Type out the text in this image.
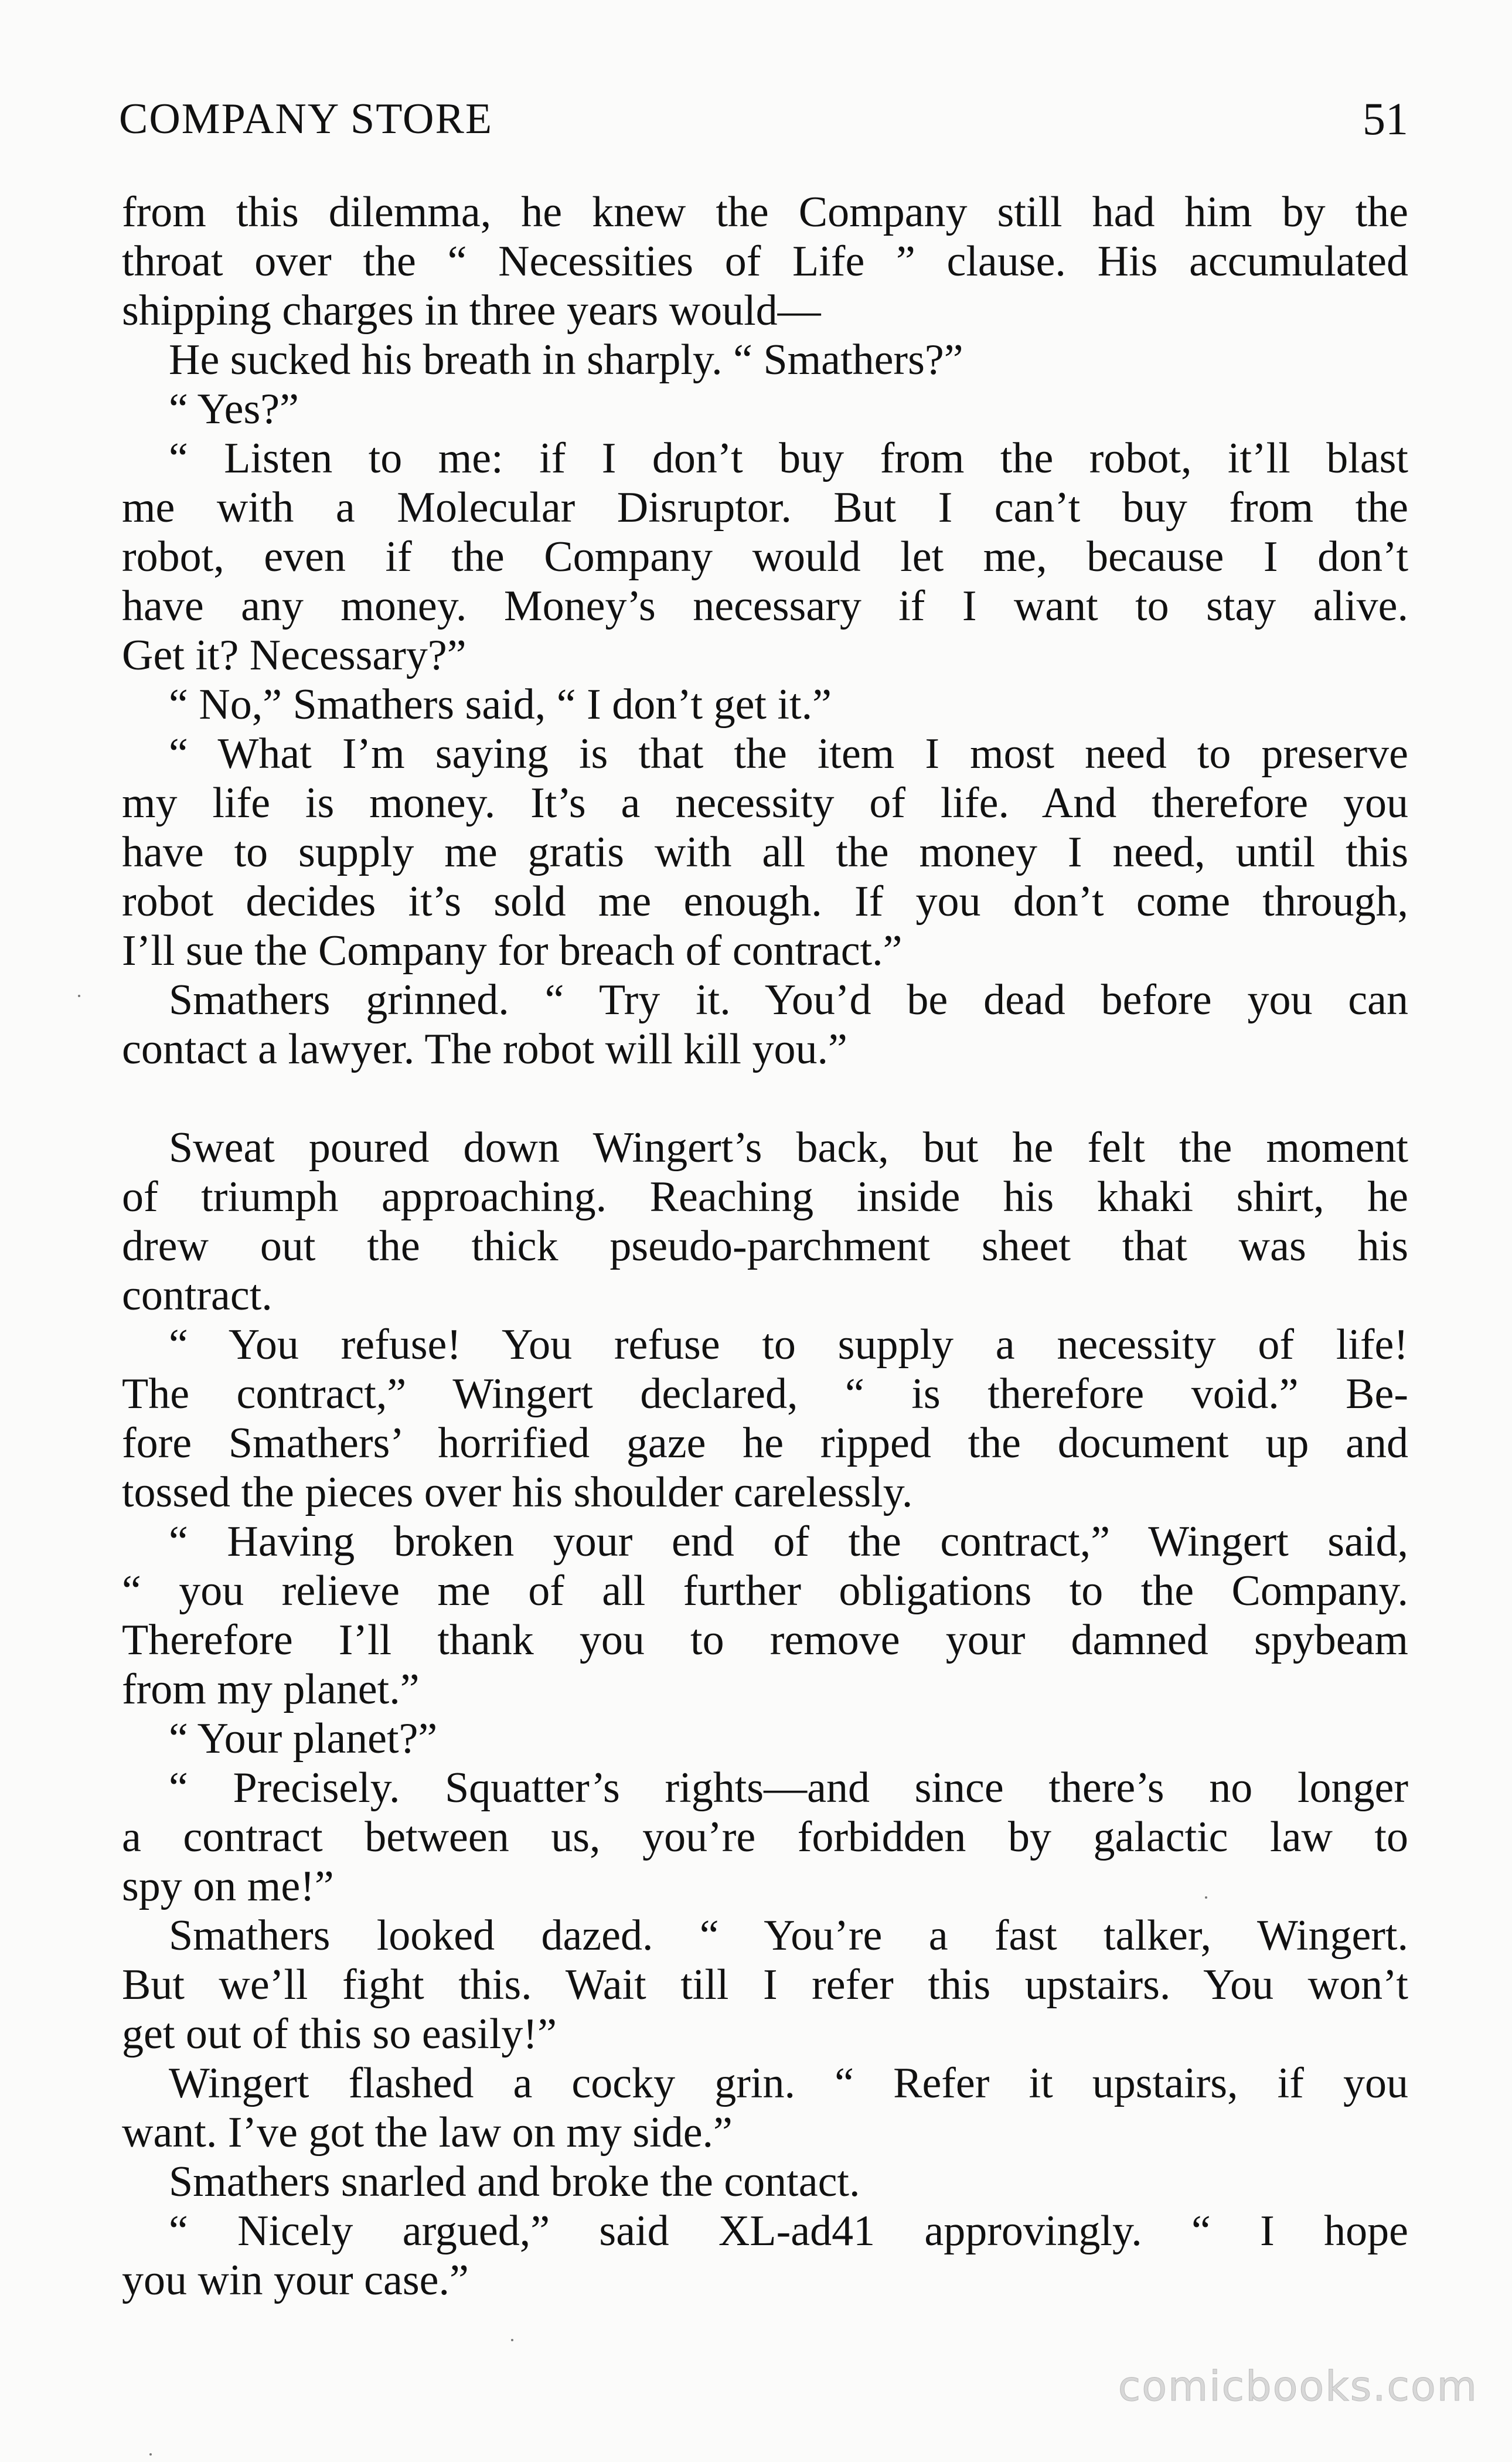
COMPANY STORE	51
from this dilemma, he knew the Company still had him by the
throat over the “ Necessities of Life ” clause. His accumulated
shipping charges in three years would—
He sucked his breath in sharply. “ Smathers?”
“ Yes?”
“ Listen to me: if I don’t buy from the robot, it’ll blast
me with a Molecular Disruptor. But I can’t buy from the
robot, even if the Company would let me, because I don’t
have any money. Money’s necessary if I want to stay alive.
Get it? Necessary?”
“ No,” Smathers said, “ I don’t get it.”
“ What I’m saying is that the item I most need to preserve
my life is money. It’s a necessity of life. And therefore you
have to supply me gratis with all the money I need, until this
robot decides it’s sold me enough. If you don’t come through,
I’ll sue the Company for breach of contract.”
Smathers grinned. “ Try it. You’d be dead before you can
contact a lawyer. The robot will kill you.”
Sweat poured down Wingert’s back, but he felt the moment
of triumph approaching. Reaching inside his khaki shirt, he
drew out the thick pseudo-parchment sheet that was his
contract.
“ You refuse! You refuse to supply a necessity of life!
The contract,” Wingert declared, “ is therefore void.” Be-
fore Smathers’ horrified gaze he ripped the document up and
tossed the pieces over his shoulder carelessly.
“ Having broken your end of the contract,” Wingert said,
“ you relieve me of all further obligations to the Company.
Therefore I’ll thank you to remove your damned spybeam
from my planet.”
“ Your planet?”
“ Precisely. Squatter’s rights—and since there’s no longer
a contract between us, you’re forbidden by galactic law to
spy on me!”
Smathers looked dazed. “ You’re a fast talker, Wingert.
But we’ll fight this. Wait till I refer this upstairs. You won’t
get out of this so easily!”
Wingert flashed a cocky grin. “ Refer it upstairs, if you
want. I’ve got the law on my side.”
Smathers snarled and broke the contact.
“ Nicely argued,” said XL-ad41 approvingly. “ I hope
you win your case.”
comicbooks.com
